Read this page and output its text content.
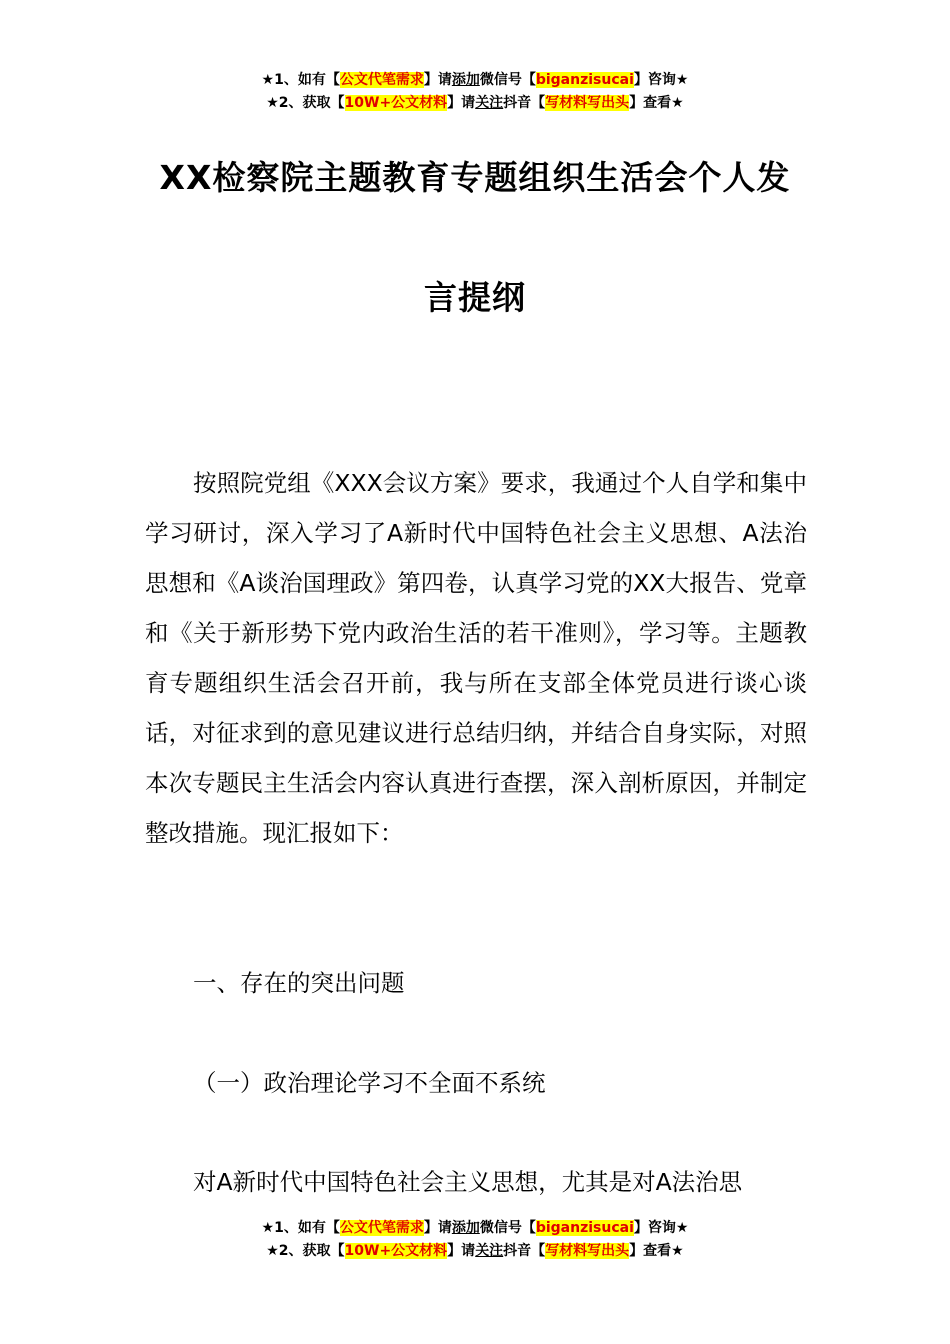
★1、如有【公文代笔需求】请添加微信号【biganzisucai】咨询★
★2、获取【10W+公文材料】请关注抖音【写材料写出头】查看★
XX检察院主题教育专题组织生活会个人发
言提纲

按照院党组《XXX会议方案》要求，我通过个人自学和集中学习研讨，深入学习了A新时代中国特色社会主义思想、A法治思想和《A谈治国理政》第四卷，认真学习党的XX大报告、党章和《关于新形势下党内政治生活的若干准则》，学习等。主题教育专题组织生活会召开前，我与所在支部全体党员进行谈心谈话，对征求到的意见建议进行总结归纳，并结合自身实际，对照本次专题民主生活会内容认真进行查摆，深入剖析原因，并制定整改措施。现汇报如下：

一、存在的突出问题
（一）政治理论学习不全面不系统
对A新时代中国特色社会主义思想，尤其是对A法治思
★1、如有【公文代笔需求】请添加微信号【biganzisucai】咨询★
★2、获取【10W+公文材料】请关注抖音【写材料写出头】查看★
